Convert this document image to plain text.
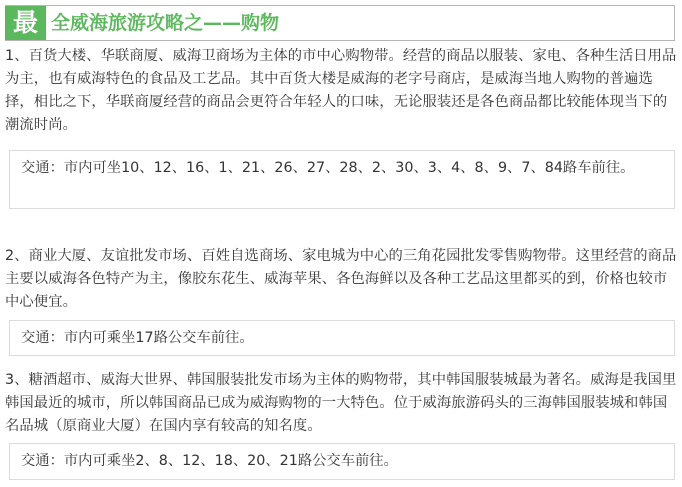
最 全威海旅游攻略之——购物

1、百货大楼、华联商厦、威海卫商场为主体的市中心购物带。经营的商品以服装、家电、各种生活日用品为主，也有威海特色的食品及工艺品。其中百货大楼是威海的老字号商店，是威海当地人购物的普遍选择，相比之下，华联商厦经营的商品会更符合年轻人的口味，无论服装还是各色商品都比较能体现当下的潮流时尚。

交通：市内可坐10、12、16、1、21、26、27、28、2、30、3、4、8、9、7、84路车前往。

2、商业大厦、友谊批发市场、百姓自选商场、家电城为中心的三角花园批发零售购物带。这里经营的商品主要以威海各色特产为主，像胶东花生、威海苹果、各色海鲜以及各种工艺品这里都买的到，价格也较市中心便宜。

交通：市内可乘坐17路公交车前往。

3、糖酒超市、威海大世界、韩国服装批发市场为主体的购物带，其中韩国服装城最为著名。威海是我国里韩国最近的城市，所以韩国商品已成为威海购物的一大特色。位于威海旅游码头的三海韩国服装城和韩国名品城（原商业大厦）在国内享有较高的知名度。

交通：市内可乘坐2、8、12、18、20、21路公交车前往。
